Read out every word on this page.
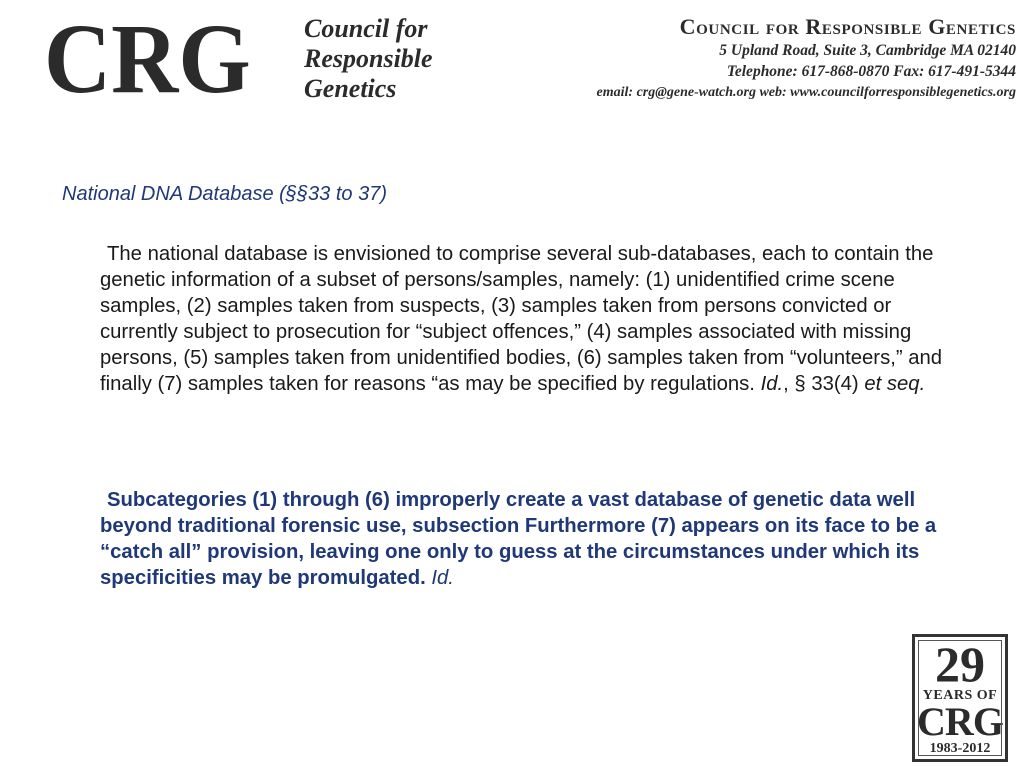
CRG Council for
Responsible
Genetics
Council for Responsible Genetics
5 Upland Road, Suite 3, Cambridge MA 02140
Telephone: 617-868-0870 Fax: 617-491-5344
email: crg@gene-watch.org web: www.councilforresponsiblegenetics.org
National DNA Database (§§33 to 37)
The national database is envisioned to comprise several sub-databases, each to contain the genetic information of a subset of persons/samples, namely: (1) unidentified crime scene samples, (2) samples taken from suspects, (3) samples taken from persons convicted or currently subject to prosecution for “subject offences,” (4) samples associated with missing persons, (5) samples taken from unidentified bodies, (6) samples taken from “volunteers,” and finally (7) samples taken for reasons “as may be specified by regulations. Id., § 33(4) et seq.
Subcategories (1) through (6) improperly create a vast database of genetic data well beyond traditional forensic use, subsection Furthermore (7) appears on its face to be a “catch all” provision, leaving one only to guess at the circumstances under which its specificities may be promulgated. Id.
29
YEARS OF
CRG
1983-2012
